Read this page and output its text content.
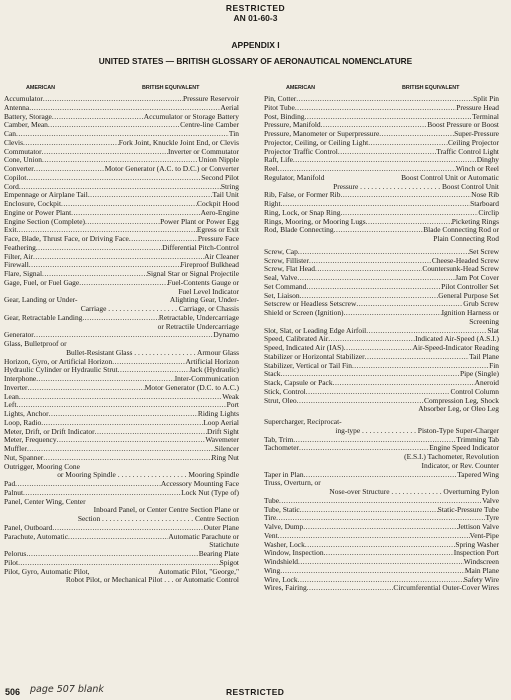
RESTRICTED
AN 01-60-3
APPENDIX I
UNITED STATES — BRITISH GLOSSARY OF AERONAUTICAL NOMENCLATURE
AMERICAN	BRITISH EQUIVALENT
Accumulator .....	Pressure Reservoir
Antenna .....	Aerial
Battery, Storage .....	Accumulator or Storage Battery
Camber, Mean .....	Centre-line Camber
Can .....	Tin
Clevis .....	Fork Joint, Knuckle Joint End, or Clevis
Commutator .....	Inverter or Commutator
Cone, Union .....	Union Nipple
Converter .....	Motor Generator (A.C. to D.C.) or Converter
Copilot .....	Second Pilot
Cord .....	String
Empennage or Airplane Tail .....	Tail Unit
Enclosure, Cockpit .....	Cockpit Hood
Engine or Power Plant .....	Aero-Engine
Engine Section (Complete) .....	Power Plant or Power Egg
Exit .....	Egress or Exit
Face, Blade, Thrust Face, or Driving Face .....	Pressure Face
Feathering .....	Differential Pitch-Control
Filter, Air .....	Air Cleaner
Firewall .....	Fireproof Bulkhead
Flare, Signal .....	Signal Star or Signal Projectile
Gage, Fuel, or Fuel Gage .....	Fuel-Contents Gauge or
Fuel Level Indicator
Gear, Landing or Under-	Alighting Gear, Under-
Carriage . . . . . . . . . . . . . . . . . . . Carriage, or Chassis
Gear, Retractable Landing .....	Retractable, Undercarriage
or Retractile Undercarriage
Generator .....	Dynamo
Glass, Bulletproof or
Bullet-Resistant Glass . . . . . . . . . . . . . . . . . Armour Glass
Horizon, Gyro, or Artificial Horizon .....	Artificial Horizon
Hydraulic Cylinder or Hydraulic Strut .....	Jack (Hydraulic)
Interphone .....	Inter-Communication
Inverter .....	Motor Generator (D.C. to A.C.)
Lean .....	Weak
Left .....	Port
Lights, Anchor .....	Riding Lights
Loop, Radio .....	Loop Aerial
Meter, Drift, or Drift Indicator .....	Drift Sight
Meter, Frequency .....	Wavemeter
Muffler .....	Silencer
Nut, Spanner .....	Ring Nut
Outrigger, Mooring Cone
or Mooring Spindle . . . . . . . . . . . . . . . . . . . Mooring Spindle
Pad .....	Accessory Mounting Face
Palnut .....	Lock Nut (Type of)
Panel, Center Wing, Center
Inboard Panel, or Center Centre Section Plane or
Section . . . . . . . . . . . . . . . . . . . . . . . . . Centre Section
Panel, Outboard .....	Outer Plane
Parachute, Automatic .....	Automatic Parachute or
Statichute
Pelorus .....	Bearing Plate
Pilot .....	Spigot
Pilot, Gyro, Automatic Pilot,	Automatic Pilot, "George,"
Robot Pilot, or Mechanical Pilot . . . or Automatic Control
AMERICAN	BRITISH EQUIVALENT
Pin, Cotter .....	Split Pin
Pitot Tube .....	Pressure Head
Post, Binding .....	Terminal
Pressure, Manifold .....	Boost Pressure or Boost
Pressure, Manometer or Superpressure .....	Super-Pressure
Projector, Ceiling, or Ceiling Light .....	Ceiling Projector
Projector Traffic Control .....	Traffic Control Light
Raft, Life .....	Dinghy
Reel .....	Winch or Reel
Regulator, Manifold	Boost Control Unit or Automatic
Pressure . . . . . . . . . . . . . . . . . . . . . . Boost Control Unit
Rib, False, or Former Rib .....	Nose Rib
Right .....	Starboard
Ring, Lock, or Snap Ring .....	Circlip
Rings, Mooring, or Mooring Lugs .....	Picketing Rings
Rod, Blade Connecting .....	Blade Connecting Rod or
Plain Connecting Rod
Screw, Cap .....	Set Screw
Screw, Fillister .....	Cheese-Headed Screw
Screw, Flat Head .....	Countersunk-Head Screw
Seal, Valve .....	Jam Pot Cover
Set Command .....	Pilot Controller Set
Set, Liaison .....	General Purpose Set
Setscrew or Headless Setscrew .....	Grub Screw
Shield or Screen (Ignition) .....	Ignition Harness or
Screening
Slot, Slat, or Leading Edge Airfoil .....	Slat
Speed, Calibrated Air .....	Indicated Air-Speed (A.S.I.)
Speed, Indicated Air (IAS) .....	Air-Speed-Indicator Reading
Stabilizer or Horizontal Stabilizer .....	Tail Plane
Stabilizer, Vertical or Tail Fin .....	Fin
Stack .....	Pipe (Single)
Stack, Capsule or Pack .....	Aneroid
Stick, Control .....	Control Column
Strut, Oleo .....	Compression Leg, Shock
Absorber Leg, or Oleo Leg
Supercharger, Reciprocat-
ing-type . . . . . . . . . . . . . . . Piston-Type Super-Charger
Tab, Trim .....	Trimming Tab
Tachometer .....	Engine Speed Indicator
(E.S.I.) Tachometer, Revolution
Indicator, or Rev. Counter
Taper in Plan .....	Tapered Wing
Truss, Overturn, or
Nose-over Structure . . . . . . . . . . . . . . Overturning Pylon
Tube .....	Valve
Tube, Static .....	Static-Pressure Tube
Tire .....	Tyre
Valve, Dump .....	Jettison Valve
Vent .....	Vent-Pipe
Washer, Lock .....	Spring Washer
Window, Inspection .....	Inspection Port
Windshield .....	Windscreen
Wing .....	Main Plane
Wire, Lock .....	Safety Wire
Wires, Fairing .....	Circumferential Outer-Cover Wires
506 page 507 blank	RESTRICTED
